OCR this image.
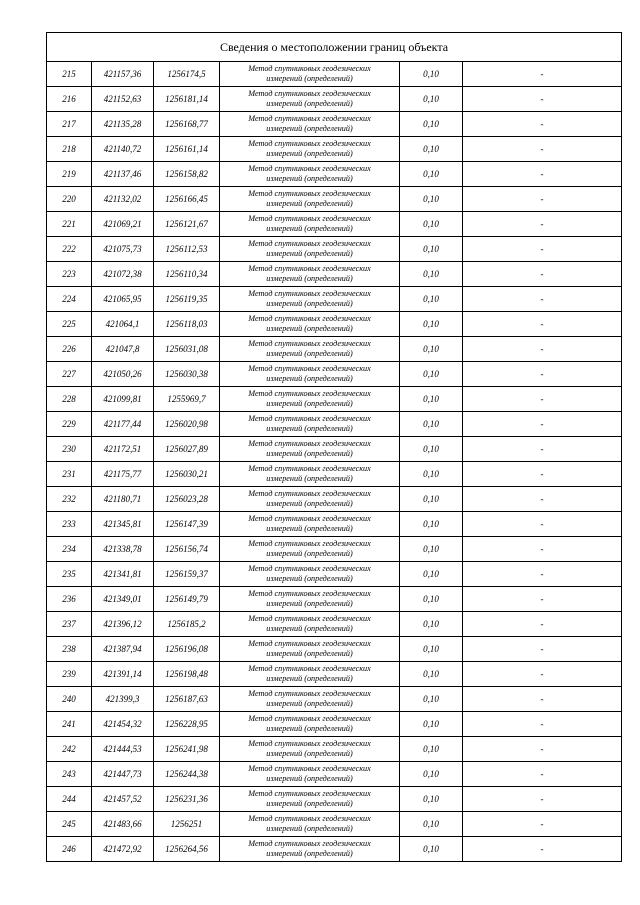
Сведения о местоположении границ объекта					
215	421157,36	1256174,5	Метод спутниковых геодезических
измерений (определений)	0,10	-
216	421152,63	1256181,14	Метод спутниковых геодезических
измерений (определений)	0,10	-
217	421135,28	1256168,77	Метод спутниковых геодезических
измерений (определений)	0,10	-
218	421140,72	1256161,14	Метод спутниковых геодезических
измерений (определений)	0,10	-
219	421137,46	1256158,82	Метод спутниковых геодезических
измерений (определений)	0,10	-
220	421132,02	1256166,45	Метод спутниковых геодезических
измерений (определений)	0,10	-
221	421069,21	1256121,67	Метод спутниковых геодезических
измерений (определений)	0,10	-
222	421075,73	1256112,53	Метод спутниковых геодезических
измерений (определений)	0,10	-
223	421072,38	1256110,34	Метод спутниковых геодезических
измерений (определений)	0,10	-
224	421065,95	1256119,35	Метод спутниковых геодезических
измерений (определений)	0,10	-
225	421064,1	1256118,03	Метод спутниковых геодезических
измерений (определений)	0,10	-
226	421047,8	1256031,08	Метод спутниковых геодезических
измерений (определений)	0,10	-
227	421050,26	1256030,38	Метод спутниковых геодезических
измерений (определений)	0,10	-
228	421099,81	1255969,7	Метод спутниковых геодезических
измерений (определений)	0,10	-
229	421177,44	1256020,98	Метод спутниковых геодезических
измерений (определений)	0,10	-
230	421172,51	1256027,89	Метод спутниковых геодезических
измерений (определений)	0,10	-
231	421175,77	1256030,21	Метод спутниковых геодезических
измерений (определений)	0,10	-
232	421180,71	1256023,28	Метод спутниковых геодезических
измерений (определений)	0,10	-
233	421345,81	1256147,39	Метод спутниковых геодезических
измерений (определений)	0,10	-
234	421338,78	1256156,74	Метод спутниковых геодезических
измерений (определений)	0,10	-
235	421341,81	1256159,37	Метод спутниковых геодезических
измерений (определений)	0,10	-
236	421349,01	1256149,79	Метод спутниковых геодезических
измерений (определений)	0,10	-
237	421396,12	1256185,2	Метод спутниковых геодезических
измерений (определений)	0,10	-
238	421387,94	1256196,08	Метод спутниковых геодезических
измерений (определений)	0,10	-
239	421391,14	1256198,48	Метод спутниковых геодезических
измерений (определений)	0,10	-
240	421399,3	1256187,63	Метод спутниковых геодезических
измерений (определений)	0,10	-
241	421454,32	1256228,95	Метод спутниковых геодезических
измерений (определений)	0,10	-
242	421444,53	1256241,98	Метод спутниковых геодезических
измерений (определений)	0,10	-
243	421447,73	1256244,38	Метод спутниковых геодезических
измерений (определений)	0,10	-
244	421457,52	1256231,36	Метод спутниковых геодезических
измерений (определений)	0,10	-
245	421483,66	1256251	Метод спутниковых геодезических
измерений (определений)	0,10	-
246	421472,92	1256264,56	Метод спутниковых геодезических
измерений (определений)	0,10	-
